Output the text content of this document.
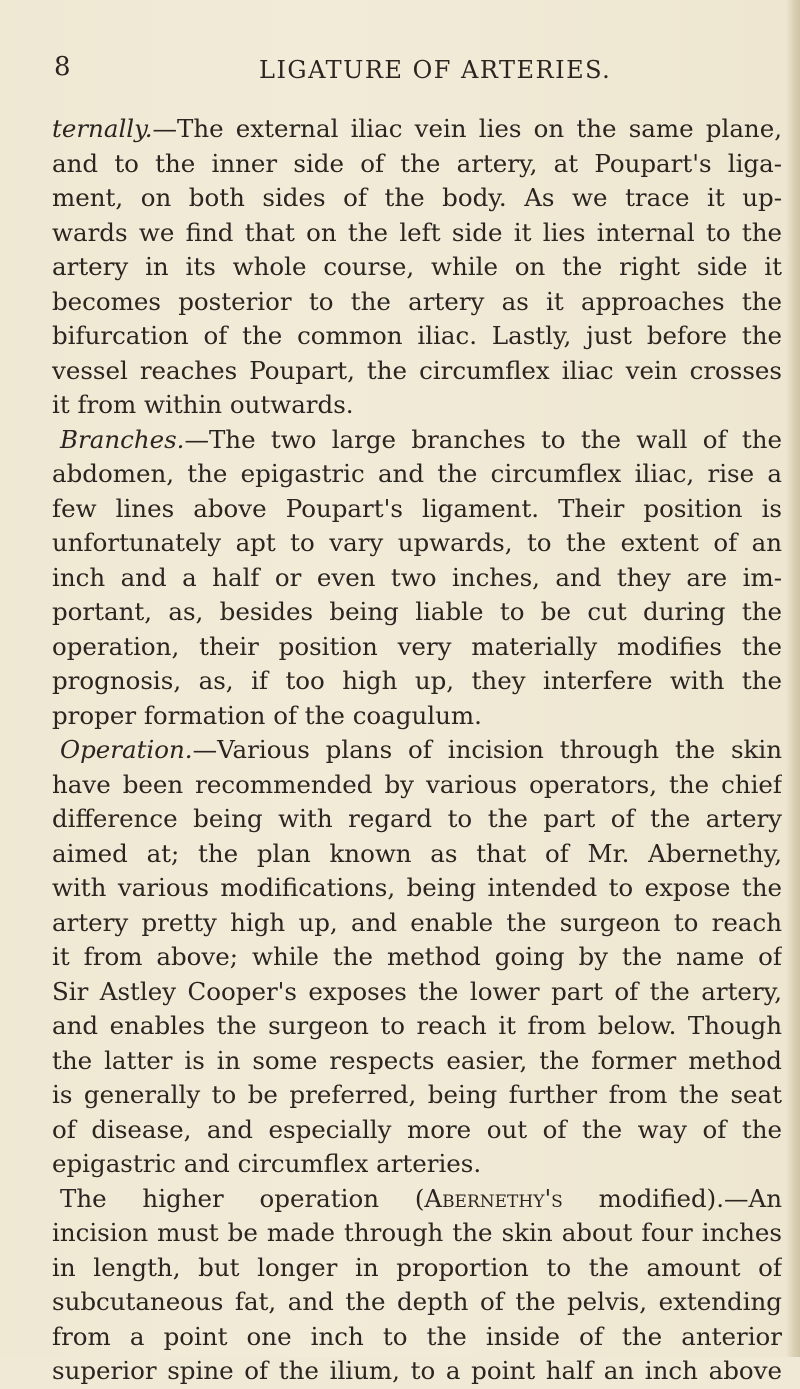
8	LIGATURE OF ARTERIES.
ternally.—The external iliac vein lies on the same plane,
and to the inner side of the artery, at Poupart's liga-
ment, on both sides of the body. As we trace it up-
wards we find that on the left side it lies internal to the
artery in its whole course, while on the right side it
becomes posterior to the artery as it approaches the
bifurcation of the common iliac. Lastly, just before the
vessel reaches Poupart, the circumflex iliac vein crosses
it from within outwards.
Branches.—The two large branches to the wall of the
abdomen, the epigastric and the circumflex iliac, rise a
few lines above Poupart's ligament. Their position is
unfortunately apt to vary upwards, to the extent of an
inch and a half or even two inches, and they are im-
portant, as, besides being liable to be cut during the
operation, their position very materially modifies the
prognosis, as, if too high up, they interfere with the
proper formation of the coagulum.
Operation.—Various plans of incision through the skin
have been recommended by various operators, the chief
difference being with regard to the part of the artery
aimed at; the plan known as that of Mr. Abernethy,
with various modifications, being intended to expose the
artery pretty high up, and enable the surgeon to reach
it from above; while the method going by the name of
Sir Astley Cooper's exposes the lower part of the artery,
and enables the surgeon to reach it from below. Though
the latter is in some respects easier, the former method
is generally to be preferred, being further from the seat
of disease, and especially more out of the way of the
epigastric and circumflex arteries.
The higher operation (Abernethy's modified).—An
incision must be made through the skin about four inches
in length, but longer in proportion to the amount of
subcutaneous fat, and the depth of the pelvis, extending
from a point one inch to the inside of the anterior
superior spine of the ilium, to a point half an inch above
